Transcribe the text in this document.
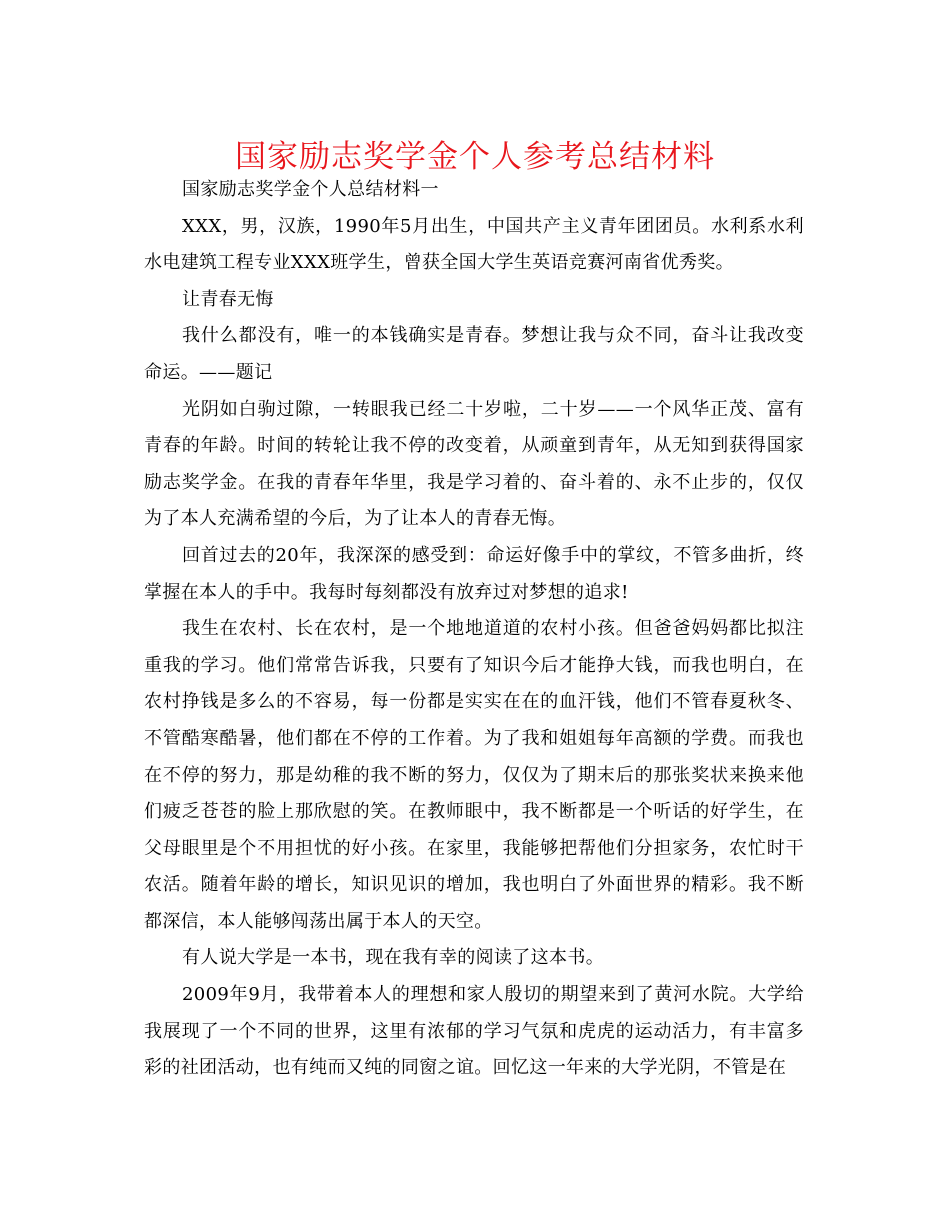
国家励志奖学金个人参考总结材料

国家励志奖学金个人总结材料一

XXX，男，汉族，1990年5月出生，中国共产主义青年团团员。水利系水利水电建筑工程专业XXX班学生，曾获全国大学生英语竞赛河南省优秀奖。

让青春无悔

我什么都没有，唯一的本钱确实是青春。梦想让我与众不同，奋斗让我改变命运。——题记

光阴如白驹过隙，一转眼我已经二十岁啦，二十岁——一个风华正茂、富有青春的年龄。时间的转轮让我不停的改变着，从顽童到青年，从无知到获得国家励志奖学金。在我的青春年华里，我是学习着的、奋斗着的、永不止步的，仅仅为了本人充满希望的今后，为了让本人的青春无悔。

回首过去的20年，我深深的感受到：命运好像手中的掌纹，不管多曲折，终掌握在本人的手中。我每时每刻都没有放弃过对梦想的追求!

我生在农村、长在农村，是一个地地道道的农村小孩。但爸爸妈妈都比拟注重我的学习。他们常常告诉我，只要有了知识今后才能挣大钱，而我也明白，在农村挣钱是多么的不容易，每一份都是实实在在的血汗钱，他们不管春夏秋冬、不管酷寒酷暑，他们都在不停的工作着。为了我和姐姐每年高额的学费。而我也在不停的努力，那是幼稚的我不断的努力，仅仅为了期末后的那张奖状来换来他们疲乏苍苍的脸上那欣慰的笑。在教师眼中，我不断都是一个听话的好学生，在父母眼里是个不用担忧的好小孩。在家里，我能够把帮他们分担家务，农忙时干农活。随着年龄的增长，知识见识的增加，我也明白了外面世界的精彩。我不断都深信，本人能够闯荡出属于本人的天空。

有人说大学是一本书，现在我有幸的阅读了这本书。

2009年9月，我带着本人的理想和家人殷切的期望来到了黄河水院。大学给我展现了一个不同的世界，这里有浓郁的学习气氛和虎虎的运动活力，有丰富多彩的社团活动，也有纯而又纯的同窗之谊。回忆这一年来的大学光阴，不管是在
